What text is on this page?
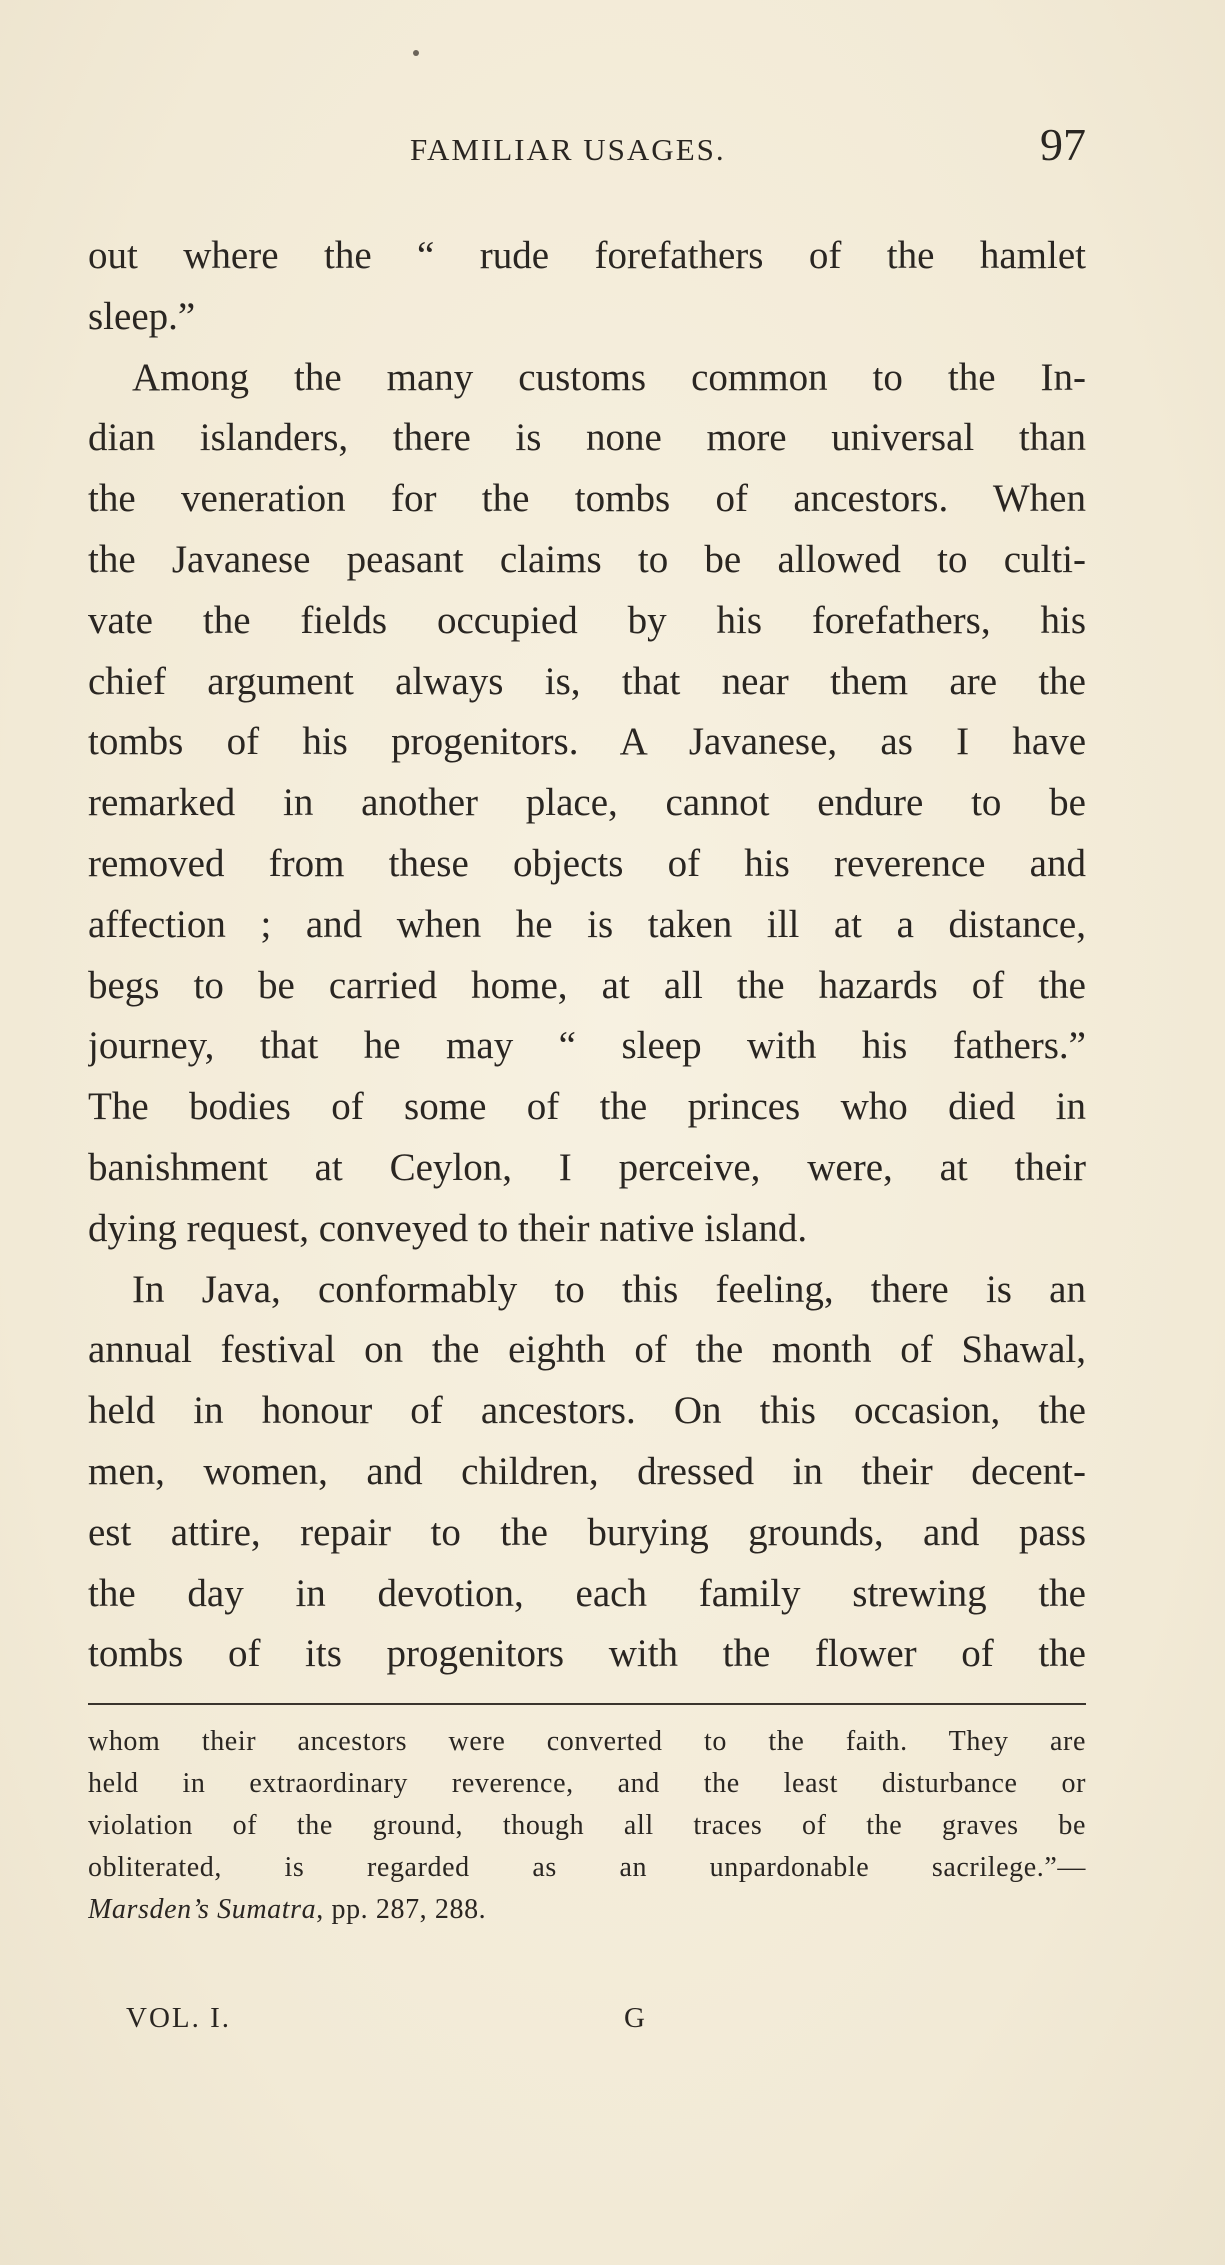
FAMILIAR USAGES.	97
out where the “ rude forefathers of the hamlet
sleep.”
Among the many customs common to the In-
dian islanders, there is none more universal than
the veneration for the tombs of ancestors. When
the Javanese peasant claims to be allowed to culti-
vate the fields occupied by his forefathers, his
chief argument always is, that near them are the
tombs of his progenitors. A Javanese, as I have
remarked in another place, cannot endure to be
removed from these objects of his reverence and
affection ; and when he is taken ill at a distance,
begs to be carried home, at all the hazards of the
journey, that he may “ sleep with his fathers.”
The bodies of some of the princes who died in
banishment at Ceylon, I perceive, were, at their
dying request, conveyed to their native island.
In Java, conformably to this feeling, there is an
annual festival on the eighth of the month of Shawal,
held in honour of ancestors. On this occasion, the
men, women, and children, dressed in their decent-
est attire, repair to the burying grounds, and pass
the day in devotion, each family strewing the
tombs of its progenitors with the flower of the
whom their ancestors were converted to the faith. They are
held in extraordinary reverence, and the least disturbance or
violation of the ground, though all traces of the graves be
obliterated, is regarded as an unpardonable sacrilege.”—
Marsden’s Sumatra, pp. 287, 288.
VOL. I.	G
